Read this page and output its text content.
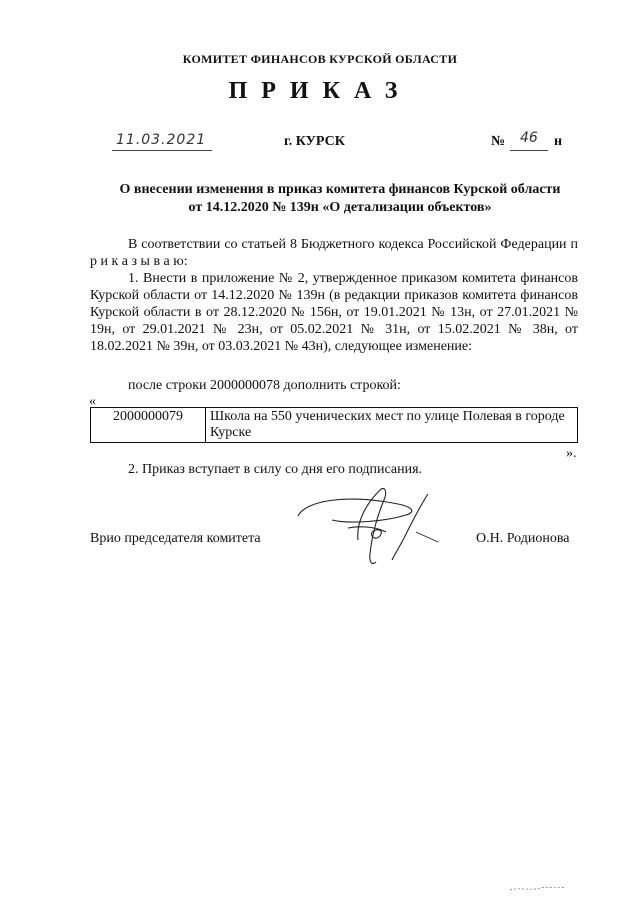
КОМИТЕТ ФИНАНСОВ КУРСКОЙ ОБЛАСТИ
ПРИКАЗ
11.03.2021	г. КУРСК	№ 46 н
О внесении изменения в приказ комитета финансов Курской области
от 14.12.2020 № 139н «О детализации объектов»
В соответствии со статьей 8 Бюджетного кодекса Российской Федерации п р и к а з ы в а ю:
1. Внести в приложение № 2, утвержденное приказом комитета финансов Курской области от 14.12.2020 № 139н (в редакции приказов комитета финансов Курской области в от 28.12.2020 № 156н, от 19.01.2021 № 13н, от 27.01.2021 № 19н, от 29.01.2021 № 23н, от 05.02.2021 № 31н, от 15.02.2021 № 38н, от 18.02.2021 № 39н, от 03.03.2021 № 43н), следующее изменение:
после строки 2000000078 дополнить строкой:
«
2000000079	Школа на 550 ученических мест по улице Полевая в городе Курске
».
2. Приказ вступает в силу со дня его подписания.
Врио председателя комитета	О.Н. Родионова
